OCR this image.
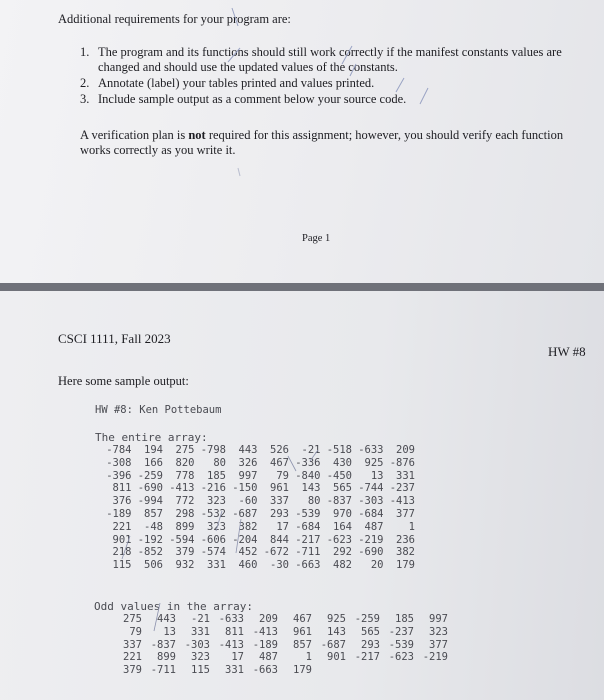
Additional requirements for your program are:
1. The program and its functions should still work correctly if the manifest constants values are changed and should use the updated values of the constants.
2. Annotate (label) your tables printed and values printed.
3. Include sample output as a comment below your source code.
A verification plan is not required for this assignment; however, you should verify each function works correctly as you write it.
Page 1
CSCI 1111, Fall 2023
HW #8
Here some sample output:
HW #8: Ken Pottebaum
The entire array:
-784	194	275 -798	443	526	-21 -518 -633	209
-308	166	820	80	326	467 -336	430	925 -876
-396 -259	778	185	997	79 -840 -450	13	331
811 -690 -413 -216 -150	961	143	565 -744 -237
376 -994	772	323	-60	337	80 -837 -303 -413
-189	857	298 -532 -687	293 -539	970 -684	377
221	-48	899	323	382	17 -684	164	487	1
901 -192 -594 -606 -204	844 -217 -623 -219	236
218 -852	379 -574	452 -672 -711	292 -690	382
115	506	932	331	460	-30 -663	482	20	179
Odd values in the array:
275	443	-21 -633	209	467	925 -259	185	997
79	13	331	811 -413	961	143	565 -237	323
337 -837 -303 -413 -189	857 -687	293 -539	377
221	899	323	17	487	1	901 -217 -623 -219
379 -711	115	331 -663	179
